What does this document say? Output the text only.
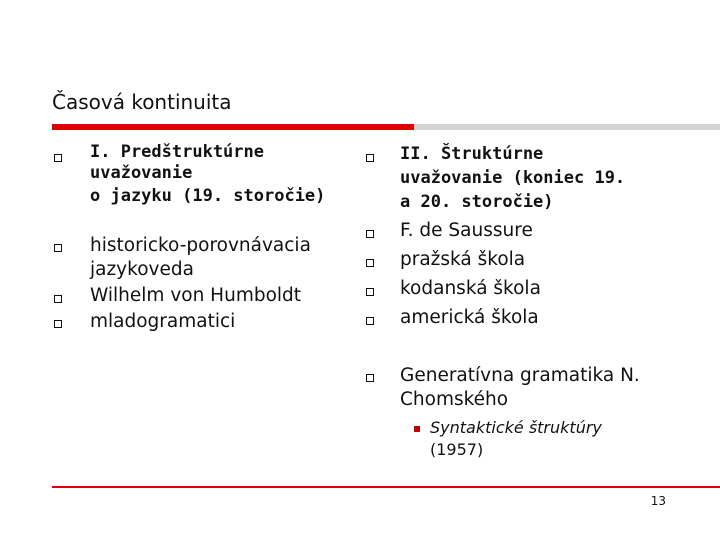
Časová kontinuita
I. Predštruktúrne
uvažovanie
o jazyku (19. storočie)
historicko-porovnávacia
jazykoveda
Wilhelm von Humboldt
mladogramatici
II. Štruktúrne
uvažovanie (koniec 19.
a 20. storočie)
F. de Saussure
pražská škola
kodanská škola
americká škola
Generatívna gramatika N.
Chomského
Syntaktické štruktúry
(1957)
13
